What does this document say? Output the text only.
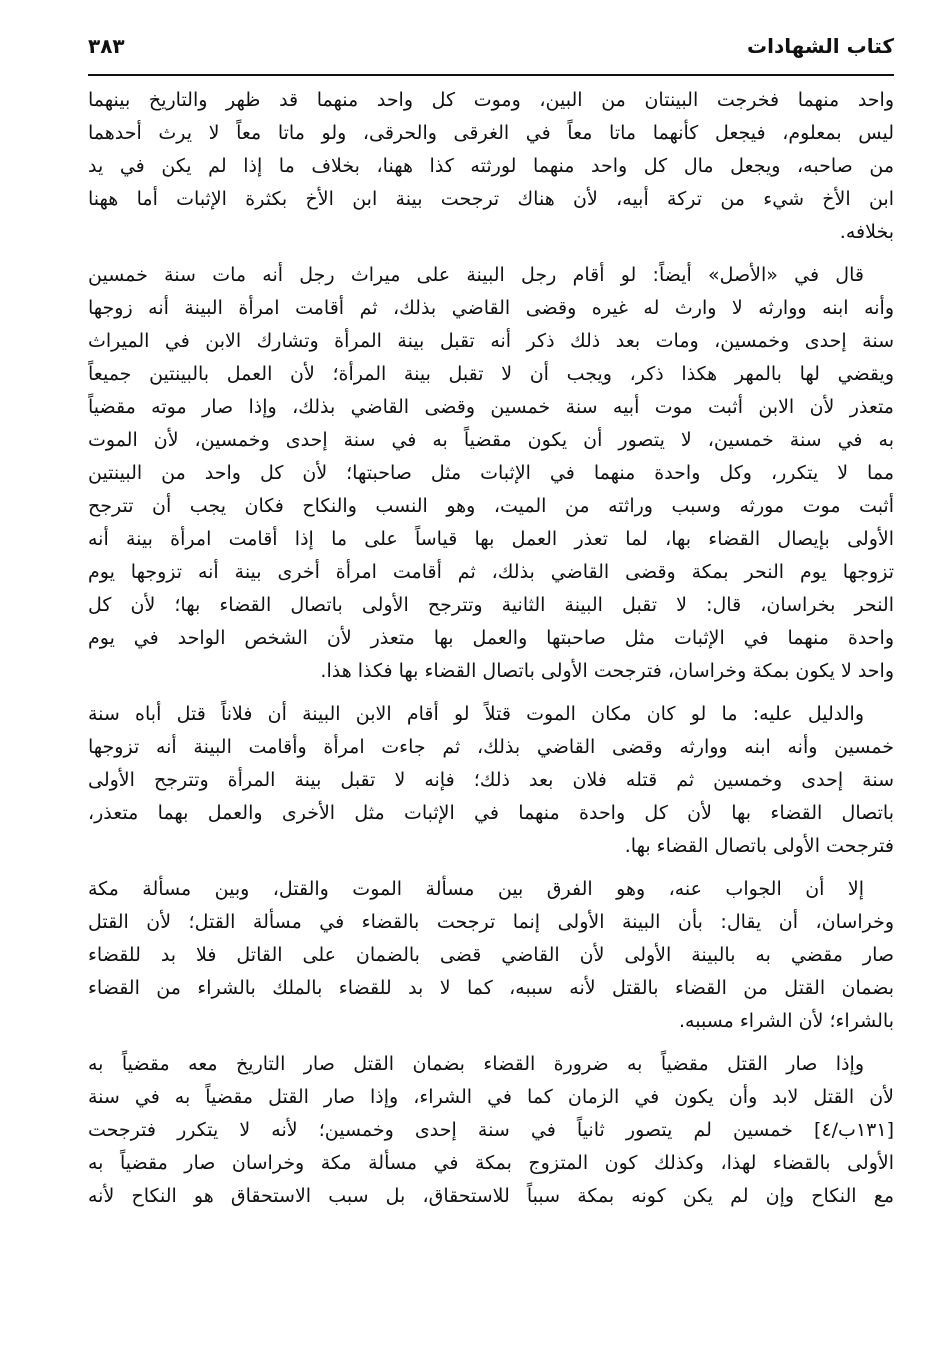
كتاب الشهادات
٣٨٣
واحد منهما فخرجت البينتان من البين، وموت كل واحد منهما قد ظهر والتاريخ بينهما
ليس بمعلوم، فيجعل كأنهما ماتا معاً في الغرقى والحرقى، ولو ماتا معاً لا يرث أحدهما
من صاحبه، ويجعل مال كل واحد منهما لورثته كذا ههنا، بخلاف ما إذا لم يكن في يد
ابن الأخ شيء من تركة أبيه، لأن هناك ترجحت بينة ابن الأخ بكثرة الإثبات أما ههنا
بخلافه.
قال في «الأصل» أيضاً: لو أقام رجل البينة على ميراث رجل أنه مات سنة خمسين
وأنه ابنه ووارثه لا وارث له غيره وقضى القاضي بذلك، ثم أقامت امرأة البينة أنه زوجها
سنة إحدى وخمسين، ومات بعد ذلك ذكر أنه تقبل بينة المرأة وتشارك الابن في الميراث
ويقضي لها بالمهر هكذا ذكر، ويجب أن لا تقبل بينة المرأة؛ لأن العمل بالبينتين جميعاً
متعذر لأن الابن أثبت موت أبيه سنة خمسين وقضى القاضي بذلك، وإذا صار موته مقضياً
به في سنة خمسين، لا يتصور أن يكون مقضياً به في سنة إحدى وخمسين، لأن الموت
مما لا يتكرر، وكل واحدة منهما في الإثبات مثل صاحبتها؛ لأن كل واحد من البينتين
أثبت موت مورثه وسبب وراثته من الميت، وهو النسب والنكاح فكان يجب أن تترجح
الأولى بإيصال القضاء بها، لما تعذر العمل بها قياساً على ما إذا أقامت امرأة بينة أنه
تزوجها يوم النحر بمكة وقضى القاضي بذلك، ثم أقامت امرأة أخرى بينة أنه تزوجها يوم
النحر بخراسان، قال: لا تقبل البينة الثانية وتترجح الأولى باتصال القضاء بها؛ لأن كل
واحدة منهما في الإثبات مثل صاحبتها والعمل بها متعذر لأن الشخص الواحد في يوم
واحد لا يكون بمكة وخراسان، فترجحت الأولى باتصال القضاء بها فكذا هذا.
والدليل عليه: ما لو كان مكان الموت قتلاً لو أقام الابن البينة أن فلاناً قتل أباه سنة
خمسين وأنه ابنه ووارثه وقضى القاضي بذلك، ثم جاءت امرأة وأقامت البينة أنه تزوجها
سنة إحدى وخمسين ثم قتله فلان بعد ذلك؛ فإنه لا تقبل بينة المرأة وتترجح الأولى
باتصال القضاء بها لأن كل واحدة منهما في الإثبات مثل الأخرى والعمل بهما متعذر،
فترجحت الأولى باتصال القضاء بها.
إلا أن الجواب عنه، وهو الفرق بين مسألة الموت والقتل، وبين مسألة مكة
وخراسان، أن يقال: بأن البينة الأولى إنما ترجحت بالقضاء في مسألة القتل؛ لأن القتل
صار مقضي به بالبينة الأولى لأن القاضي قضى بالضمان على القاتل فلا بد للقضاء
بضمان القتل من القضاء بالقتل لأنه سببه، كما لا بد للقضاء بالملك بالشراء من القضاء
بالشراء؛ لأن الشراء مسببه.
وإذا صار القتل مقضياً به ضرورة القضاء بضمان القتل صار التاريخ معه مقضياً به
لأن القتل لابد وأن يكون في الزمان كما في الشراء، وإذا صار القتل مقضياً به في سنة
[١٣١ب/٤] خمسين لم يتصور ثانياً في سنة إحدى وخمسين؛ لأنه لا يتكرر فترجحت
الأولى بالقضاء لهذا، وكذلك كون المتزوج بمكة في مسألة مكة وخراسان صار مقضياً به
مع النكاح وإن لم يكن كونه بمكة سبباً للاستحقاق، بل سبب الاستحقاق هو النكاح لأنه
